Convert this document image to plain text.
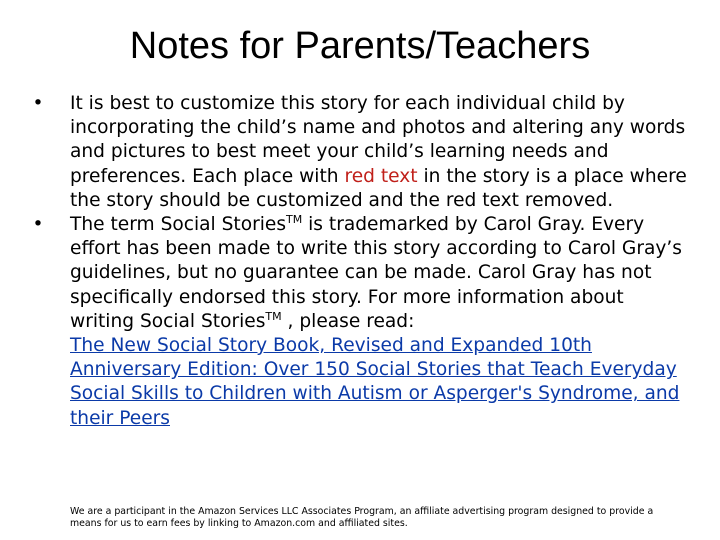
Notes for Parents/Teachers
• It is best to customize this story for each individual child by incorporating the child’s name and photos and altering any words and pictures to best meet your child’s learning needs and preferences. Each place with red text in the story is a place where the story should be customized and the red text removed.
• The term Social Stories™ is trademarked by Carol Gray. Every effort has been made to write this story according to Carol Gray’s guidelines, but no guarantee can be made. Carol Gray has not specifically endorsed this story. For more information about writing Social Stories™ , please read:
The New Social Story Book, Revised and Expanded 10th Anniversary Edition: Over 150 Social Stories that Teach Everyday Social Skills to Children with Autism or Asperger's Syndrome, and their Peers

We are a participant in the Amazon Services LLC Associates Program, an affiliate advertising program designed to provide a means for us to earn fees by linking to Amazon.com and affiliated sites.
